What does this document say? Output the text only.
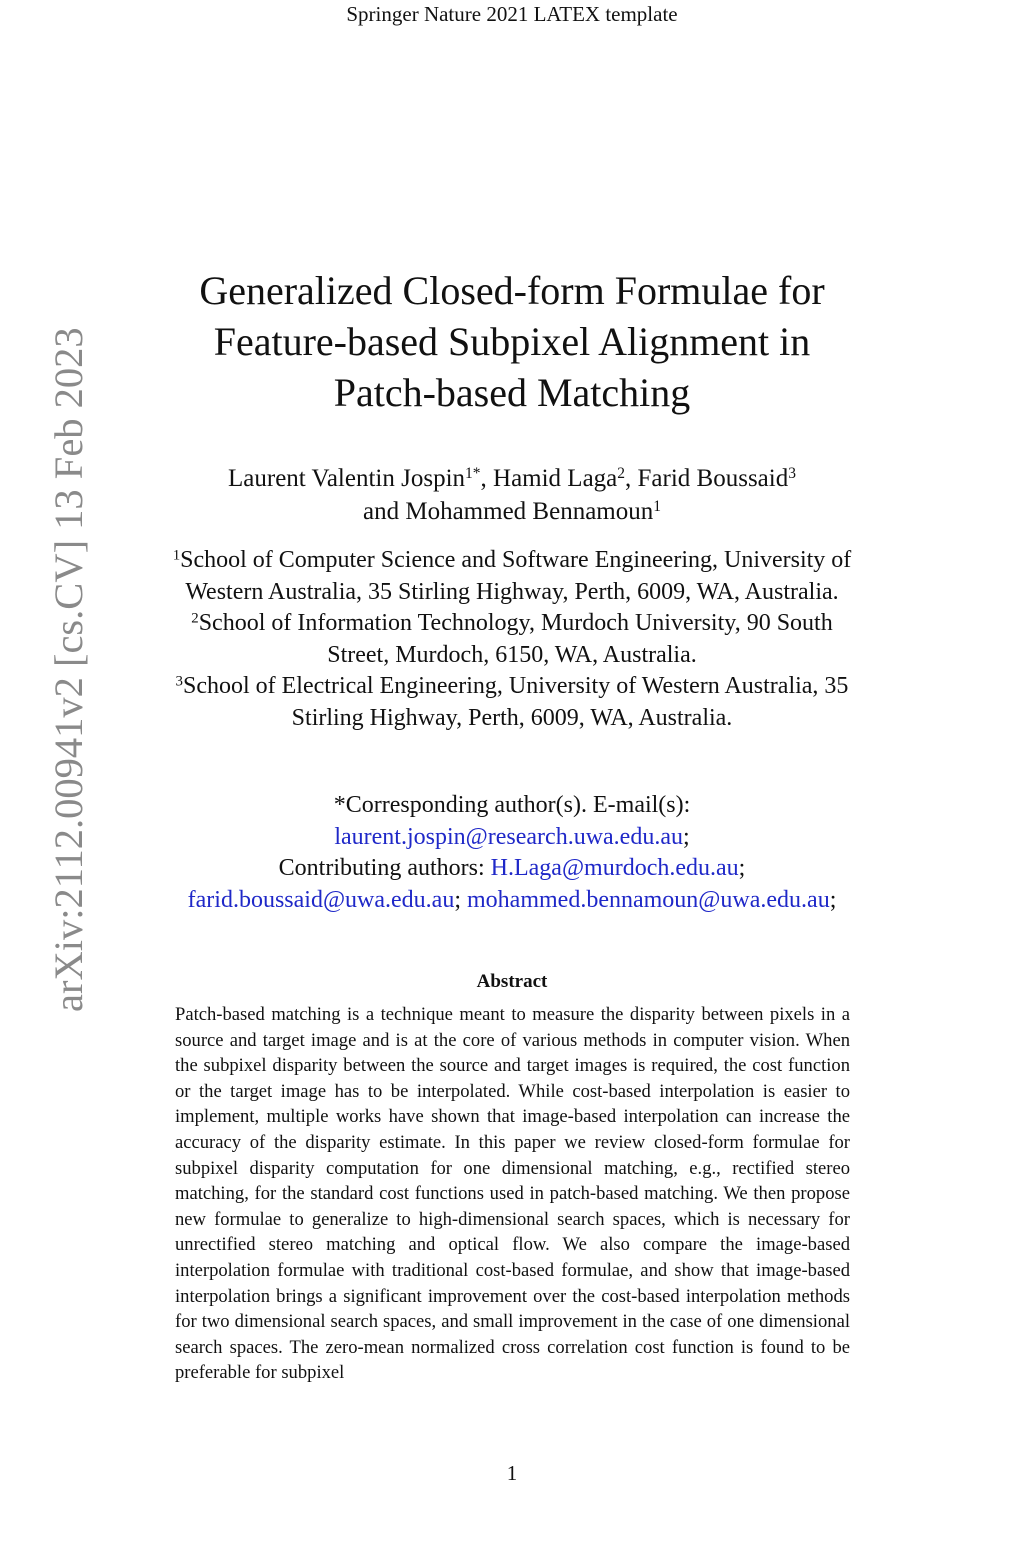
Springer Nature 2021 LATEX template
arXiv:2112.00941v2 [cs.CV] 13 Feb 2023
Generalized Closed-form Formulae for
Feature-based Subpixel Alignment in
Patch-based Matching
Laurent Valentin Jospin$^{1*}$, Hamid Laga$^2$, Farid Boussaid$^3$
and Mohammed Bennamoun$^1$
$^1$School of Computer Science and Software Engineering, University of
Western Australia, 35 Stirling Highway, Perth, 6009, WA, Australia.
$^2$School of Information Technology, Murdoch University, 90 South
Street, Murdoch, 6150, WA, Australia.
$^3$School of Electrical Engineering, University of Western Australia, 35
Stirling Highway, Perth, 6009, WA, Australia.
*Corresponding author(s). E-mail(s):
laurent.jospin@research.uwa.edu.au;
Contributing authors: H.Laga@murdoch.edu.au;
farid.boussaid@uwa.edu.au; mohammed.bennamoun@uwa.edu.au;
Abstract
Patch-based matching is a technique meant to measure the disparity between pixels in a source and target image and is at the core of various methods in computer vision. When the subpixel disparity between the source and target images is required, the cost function or the target image has to be interpolated. While cost-based interpolation is easier to implement, multiple works have shown that image-based interpolation can increase the accuracy of the disparity estimate. In this paper we review closed-form formulae for subpixel disparity computation for one dimensional matching, e.g., rectified stereo matching, for the standard cost functions used in patch-based matching. We then propose new formulae to generalize to high-dimensional search spaces, which is necessary for unrectified stereo matching and optical flow. We also compare the image-based interpolation formulae with traditional cost-based formulae, and show that image-based interpolation brings a significant improvement over the cost-based interpolation methods for two dimensional search spaces, and small improvement in the case of one dimensional search spaces. The zero-mean normalized cross correlation cost function is found to be preferable for subpixel
1
